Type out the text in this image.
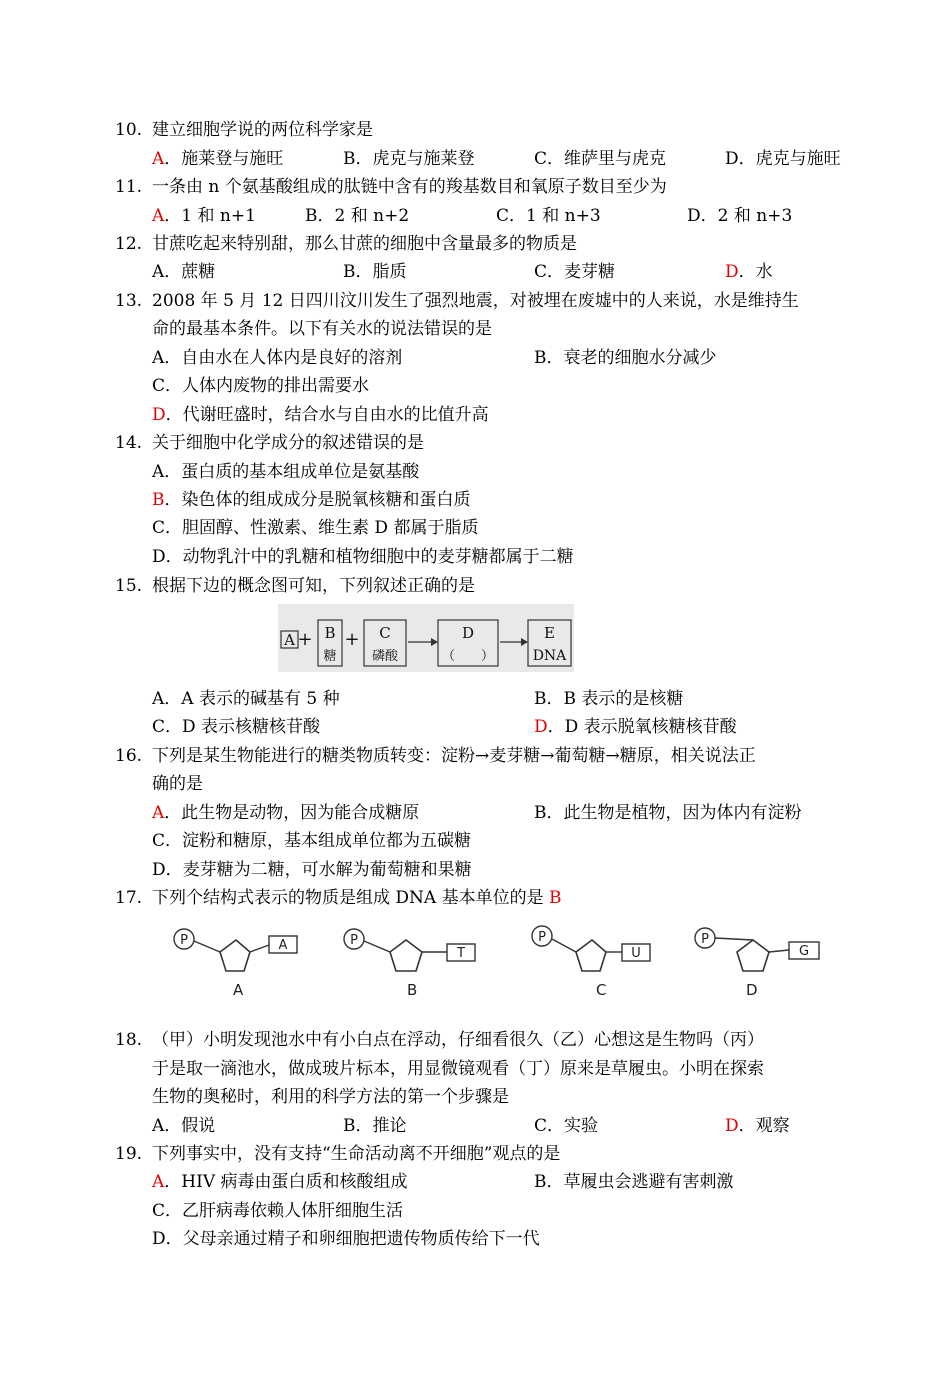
10. 建立细胞学说的两位科学家是
A．施莱登与施旺	B．虎克与施莱登	C．维萨里与虎克	D．虎克与施旺
11. 一条由 n 个氨基酸组成的肽链中含有的羧基数目和氧原子数目至少为
A．1 和 n+1	B．2 和 n+2	C．1 和 n+3	D．2 和 n+3
12. 甘蔗吃起来特别甜，那么甘蔗的细胞中含量最多的物质是
A．蔗糖	B．脂质	C．麦芽糖	D．水
13. 2008 年 5 月 12 日四川汶川发生了强烈地震，对被埋在废墟中的人来说，水是维持生
命的最基本条件。以下有关水的说法错误的是
A．自由水在人体内是良好的溶剂	B．衰老的细胞水分减少
C．人体内废物的排出需要水
D．代谢旺盛时，结合水与自由水的比值升高
14. 关于细胞中化学成分的叙述错误的是
A．蛋白质的基本组成单位是氨基酸
B．染色体的组成成分是脱氧核糖和蛋白质
C．胆固醇、性激素、维生素 D 都属于脂质
D．动物乳汁中的乳糖和植物细胞中的麦芽糖都属于二糖
15. 根据下边的概念图可知，下列叙述正确的是
A + B
糖
+ C
磷酸
D
（　　）
E
DNA
A．A 表示的碱基有 5 种	B．B 表示的是核糖
C．D 表示核糖核苷酸	D．D 表示脱氧核糖核苷酸
16. 下列是某生物能进行的糖类物质转变：淀粉→麦芽糖→葡萄糖→糖原，相关说法正
确的是
A．此生物是动物，因为能合成糖原	B．此生物是植物，因为体内有淀粉
C．淀粉和糖原，基本组成单位都为五碳糖
D．麦芽糖为二糖，可水解为葡萄糖和果糖
17. 下列个结构式表示的物质是组成 DNA 基本单位的是 B
P	A
A
P
T
B
P
U
C
P
G
D
18. （甲）小明发现池水中有小白点在浮动，仔细看很久（乙）心想这是生物吗（丙）
于是取一滴池水，做成玻片标本，用显微镜观看（丁）原来是草履虫。小明在探索
生物的奥秘时，利用的科学方法的第一个步骤是
A．假说	B．推论	C．实验	D．观察
19. 下列事实中，没有支持“生命活动离不开细胞”观点的是
A．HIV 病毒由蛋白质和核酸组成	B．草履虫会逃避有害刺激
C．乙肝病毒依赖人体肝细胞生活
D．父母亲通过精子和卵细胞把遗传物质传给下一代
